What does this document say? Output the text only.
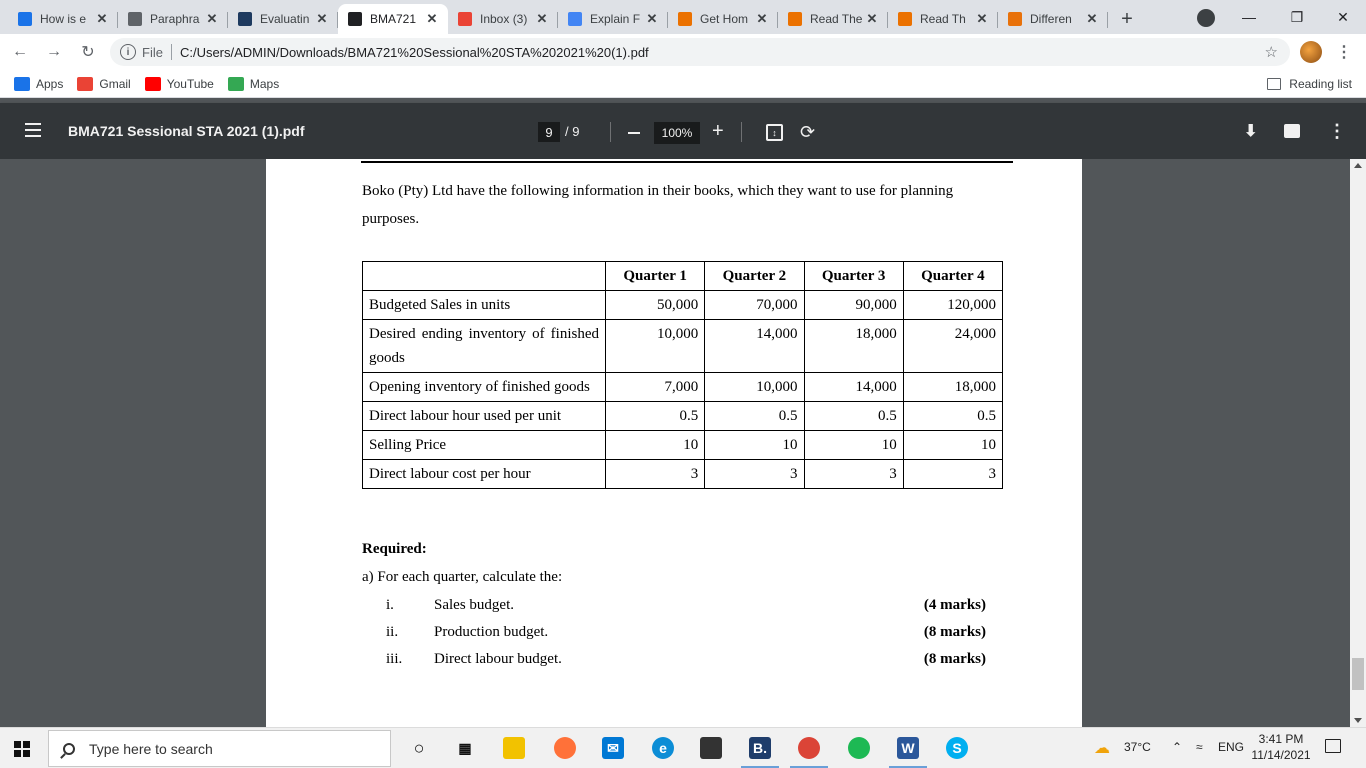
How is e ✕	Paraphra ✕	Evaluatin ✕	BMA721 ✕	Inbox (3) ✕	Explain F ✕	Get Hom ✕	Read The ✕	Read Th ✕	Differen	✕	+	—	❐	✕
←	→	↻	i File C:/Users/ADMIN/Downloads/BMA721%20Sessional%20STA%202021%20(1).pdf	☆	⋮
Apps	Gmail	YouTube	Maps	Reading list
BMA721 Sessional STA 2021 (1).pdf	9 / 9	100% +	↕	⟳	⬇	⋮
Boko (Pty) Ltd have the following information in their books, which they want to use for planning purposes.
	Quarter 1	Quarter 2	Quarter 3	Quarter 4
Budgeted Sales in units	50,000	70,000	90,000	120,000
Desired ending inventory of finished goods	10,000	14,000	18,000	24,000
Opening inventory of finished goods	7,000	10,000	14,000	18,000
Direct labour hour used per unit	0.5	0.5	0.5	0.5
Selling Price	10	10	10	10
Direct labour cost per hour	3	3	3	3
Required:
a) For each quarter, calculate the:
i.	Sales budget.	(4 marks)
ii. Production budget.	(8 marks)
iii. Direct labour budget.	(8 marks)
Type here to search	○	▦	✉	e	B.	W	S	☁ 37°C ⌃ ≈ ENG
3:41 PM
11/14/2021
